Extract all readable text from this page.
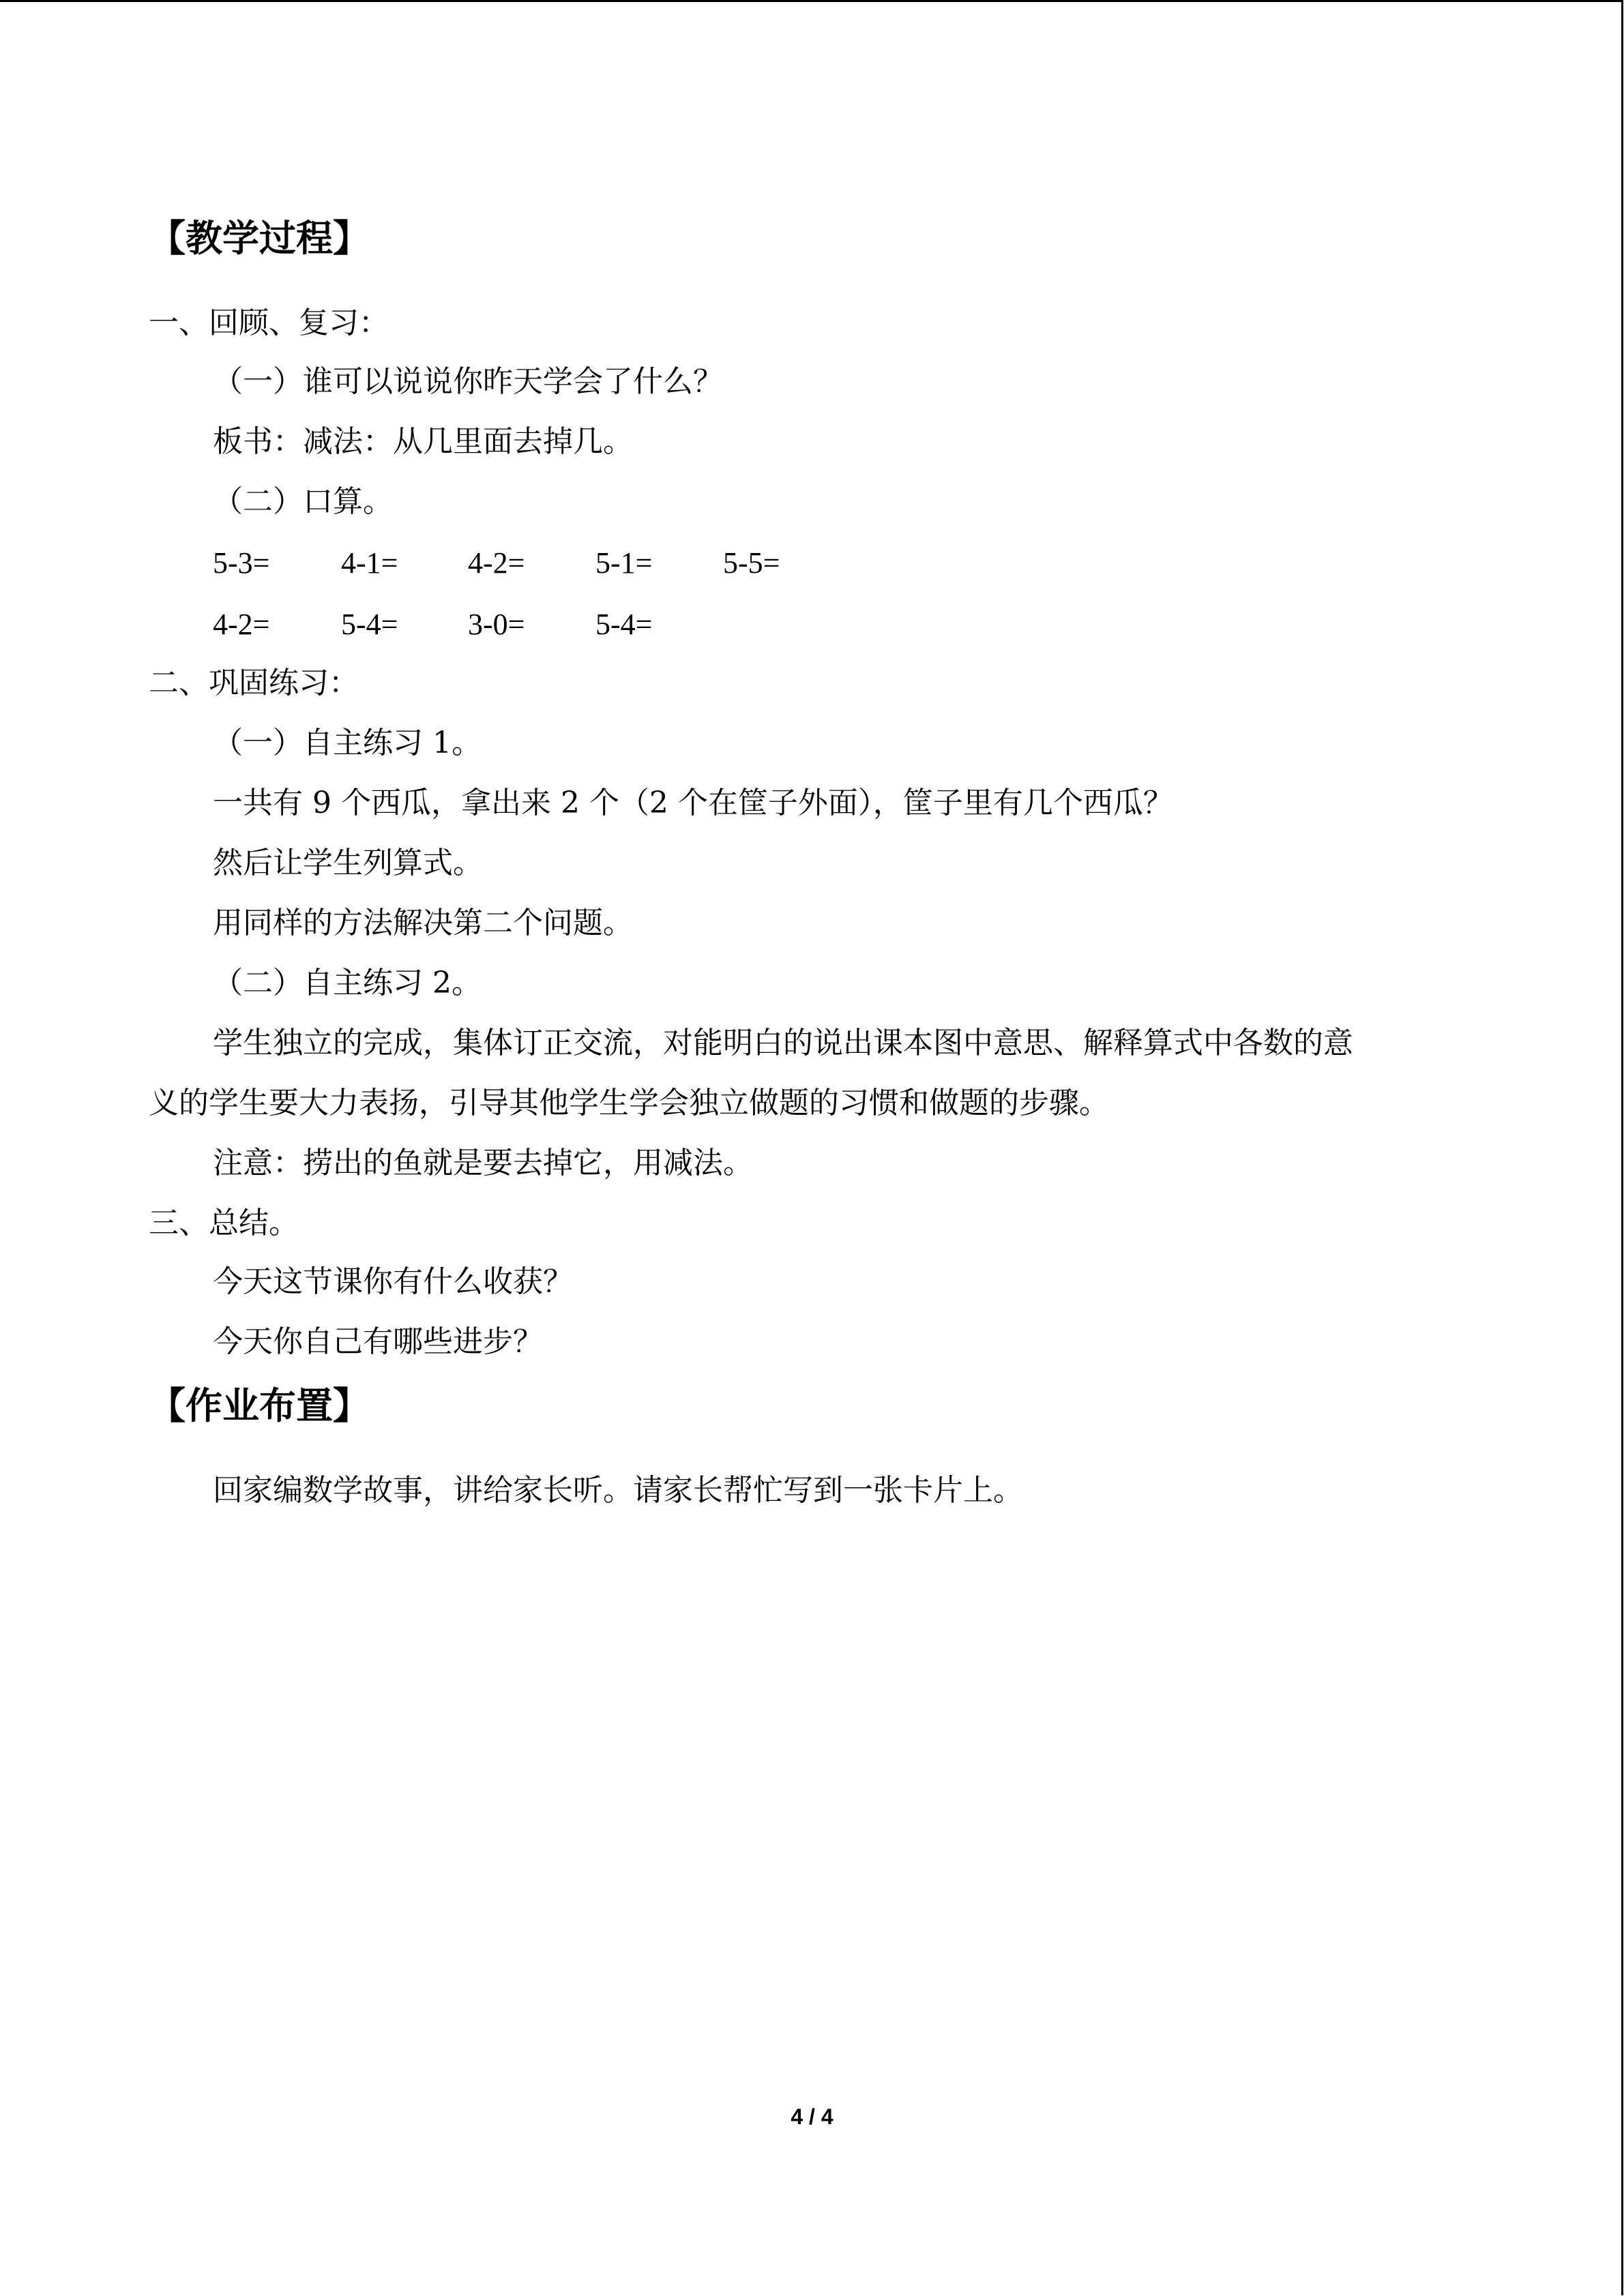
【教学过程】
一、回顾、复习：
（一）谁可以说说你昨天学会了什么？
板书：减法：从几里面去掉几。
（二）口算。
5-3= 4-1= 4-2= 5-1= 5-5=
4-2= 5-4= 3-0= 5-4=
二、巩固练习：
（一）自主练习 1。
一共有 9 个西瓜，拿出来 2 个（2 个在筐子外面），筐子里有几个西瓜？
然后让学生列算式。
用同样的方法解决第二个问题。
（二）自主练习 2。
学生独立的完成，集体订正交流，对能明白的说出课本图中意思、解释算式中各数的意
义的学生要大力表扬，引导其他学生学会独立做题的习惯和做题的步骤。
注意：捞出的鱼就是要去掉它，用减法。
三、总结。
今天这节课你有什么收获？
今天你自己有哪些进步？
【作业布置】
回家编数学故事，讲给家长听。请家长帮忙写到一张卡片上。
4 / 4
